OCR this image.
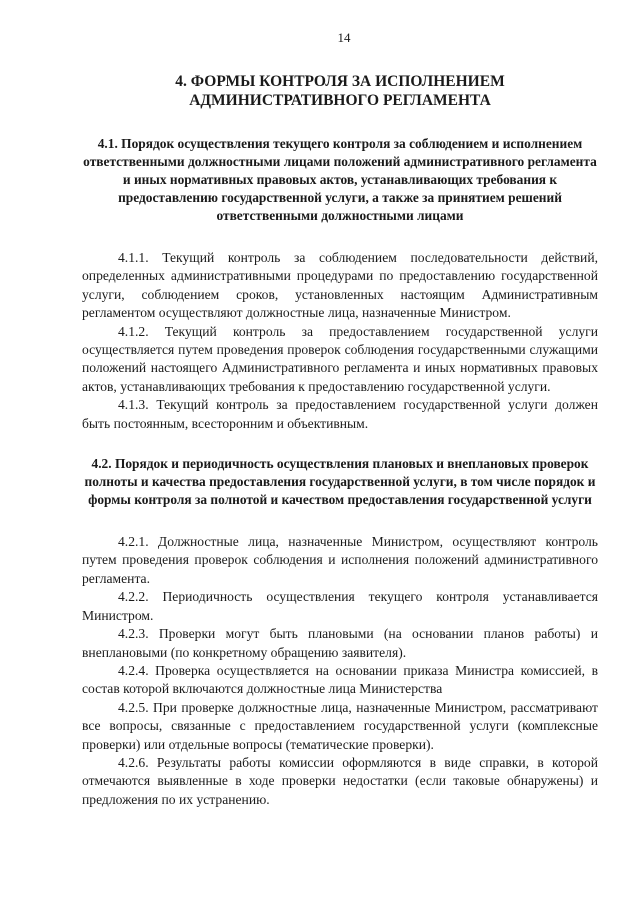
14
4. ФОРМЫ КОНТРОЛЯ ЗА ИСПОЛНЕНИЕМ
АДМИНИСТРАТИВНОГО РЕГЛАМЕНТА
4.1. Порядок осуществления текущего контроля за соблюдением и исполнением ответственными должностными лицами положений административного регламента и иных нормативных правовых актов, устанавливающих требования к предоставлению государственной услуги, а также за принятием решений ответственными должностными лицами

4.1.1. Текущий контроль за соблюдением последовательности действий, определенных административными процедурами по предоставлению государственной услуги, соблюдением сроков, установленных настоящим Административным регламентом осуществляют должностные лица, назначенные Министром.

4.1.2. Текущий контроль за предоставлением государственной услуги осуществляется путем проведения проверок соблюдения государственными служащими положений настоящего Административного регламента и иных нормативных правовых актов, устанавливающих требования к предоставлению государственной услуги.

4.1.3. Текущий контроль за предоставлением государственной услуги должен быть постоянным, всесторонним и объективным.

4.2. Порядок и периодичность осуществления плановых и внеплановых проверок полноты и качества предоставления государственной услуги, в том числе порядок и формы контроля за полнотой и качеством предоставления государственной услуги

4.2.1. Должностные лица, назначенные Министром, осуществляют контроль путем проведения проверок соблюдения и исполнения положений административного регламента.

4.2.2. Периодичность осуществления текущего контроля устанавливается Министром.

4.2.3. Проверки могут быть плановыми (на основании планов работы) и внеплановыми (по конкретному обращению заявителя).

4.2.4. Проверка осуществляется на основании приказа Министра комиссией, в состав которой включаются должностные лица Министерства

4.2.5. При проверке должностные лица, назначенные Министром, рассматривают все вопросы, связанные с предоставлением государственной услуги (комплексные проверки) или отдельные вопросы (тематические проверки).

4.2.6. Результаты работы комиссии оформляются в виде справки, в которой отмечаются выявленные в ходе проверки недостатки (если таковые обнаружены) и предложения по их устранению.
